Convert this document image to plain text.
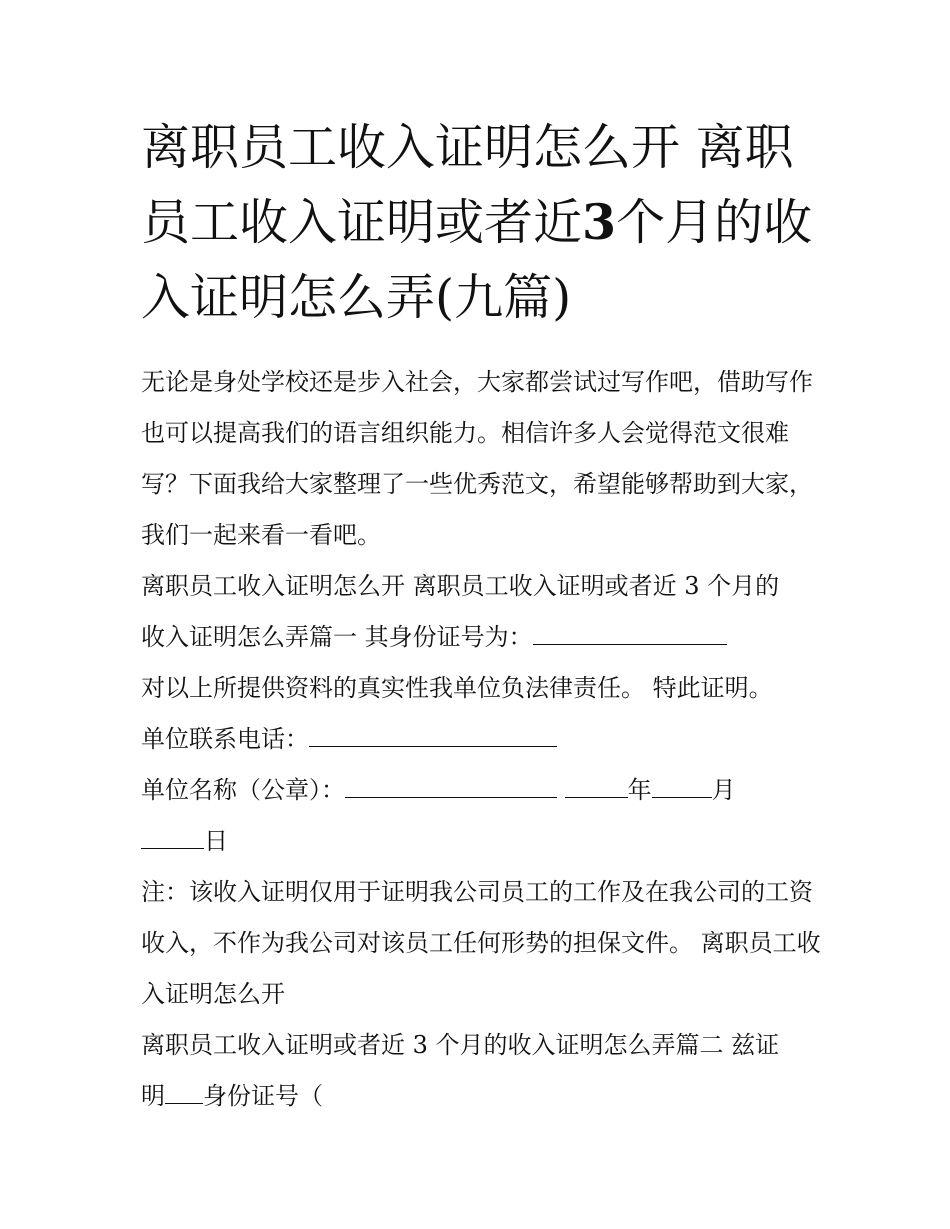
离职员工收入证明怎么开 离职员工收入证明或者近3个月的收入证明怎么弄(九篇)

无论是身处学校还是步入社会，大家都尝试过写作吧，借助写作也可以提高我们的语言组织能力。相信许多人会觉得范文很难写？下面我给大家整理了一些优秀范文，希望能够帮助到大家，我们一起来看一看吧。

离职员工收入证明怎么开 离职员工收入证明或者近 3 个月的

收入证明怎么弄篇一 其身份证号为：

对以上所提供资料的真实性我单位负法律责任。 特此证明。

单位联系电话：

单位名称（公章）：	年	月
日

注：该收入证明仅用于证明我公司员工的工作及在我公司的工资收入，不作为我公司对该员工任何形势的担保文件。 离职员工收入证明怎么开

离职员工收入证明或者近 3 个月的收入证明怎么弄篇二 兹证

明 身份证号（
